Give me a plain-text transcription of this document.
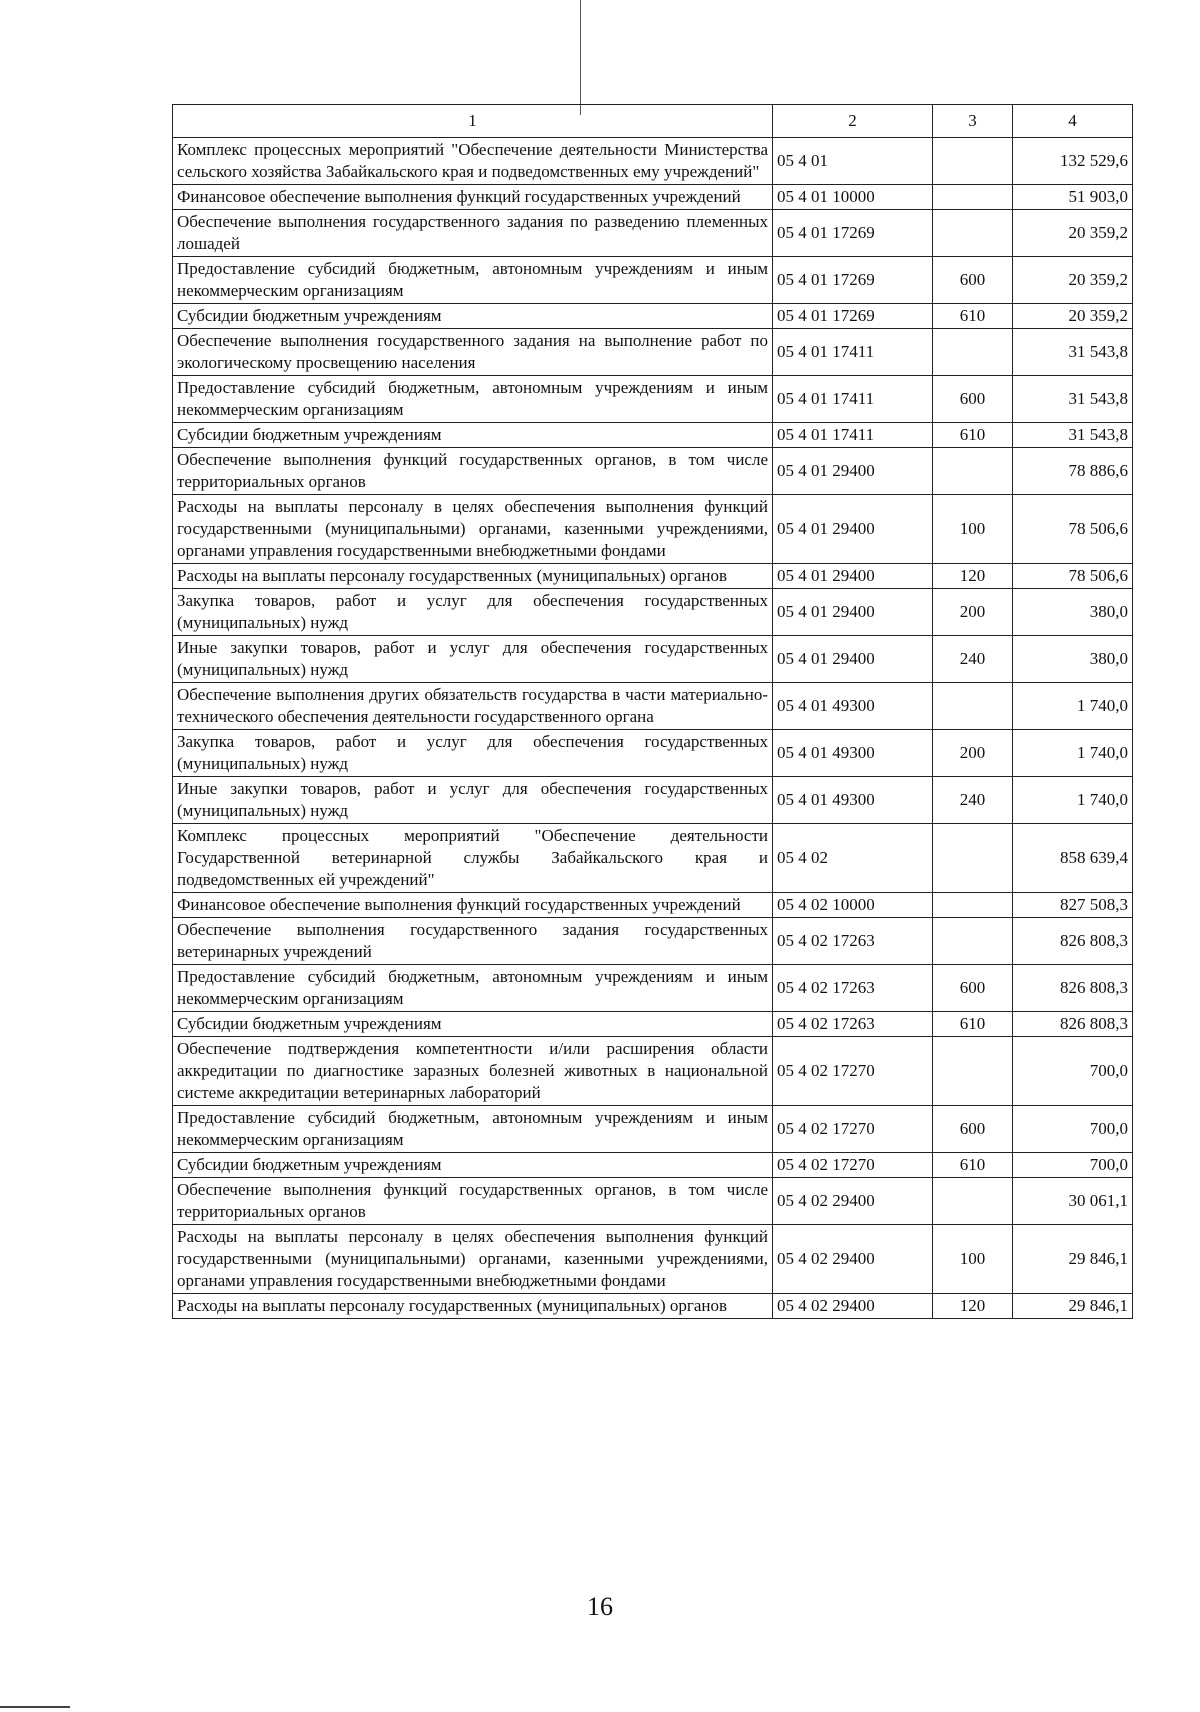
1	2	3	4
Комплекс процессных мероприятий "Обеспечение деятельности Министерства сельского хозяйства Забайкальского края и подведомственных ему учреждений"	05 4 01		132 529,6
Финансовое обеспечение выполнения функций государственных учреждений	05 4 01 10000		51 903,0
Обеспечение выполнения государственного задания по разведению племенных лошадей	05 4 01 17269		20 359,2
Предоставление субсидий бюджетным, автономным учреждениям и иным некоммерческим организациям	05 4 01 17269	600	20 359,2
Субсидии бюджетным учреждениям	05 4 01 17269	610	20 359,2
Обеспечение выполнения государственного задания на выполнение работ по экологическому просвещению населения	05 4 01 17411		31 543,8
Предоставление субсидий бюджетным, автономным учреждениям и иным некоммерческим организациям	05 4 01 17411	600	31 543,8
Субсидии бюджетным учреждениям	05 4 01 17411	610	31 543,8
Обеспечение выполнения функций государственных органов, в том числе территориальных органов	05 4 01 29400		78 886,6
Расходы на выплаты персоналу в целях обеспечения выполнения функций государственными (муниципальными) органами, казенными учреждениями, органами управления государственными внебюджетными фондами	05 4 01 29400	100	78 506,6
Расходы на выплаты персоналу государственных (муниципальных) органов	05 4 01 29400	120	78 506,6
Закупка товаров, работ и услуг для обеспечения государственных (муниципальных) нужд	05 4 01 29400	200	380,0
Иные закупки товаров, работ и услуг для обеспечения государственных (муниципальных) нужд	05 4 01 29400	240	380,0
Обеспечение выполнения других обязательств государства в части материально-технического обеспечения деятельности государственного органа	05 4 01 49300		1 740,0
Закупка товаров, работ и услуг для обеспечения государственных (муниципальных) нужд	05 4 01 49300	200	1 740,0
Иные закупки товаров, работ и услуг для обеспечения государственных (муниципальных) нужд	05 4 01 49300	240	1 740,0
Комплекс процессных мероприятий "Обеспечение деятельности Государственной ветеринарной службы Забайкальского края и подведомственных ей учреждений"	05 4 02		858 639,4
Финансовое обеспечение выполнения функций государственных учреждений	05 4 02 10000		827 508,3
Обеспечение выполнения государственного задания государственных ветеринарных учреждений	05 4 02 17263		826 808,3
Предоставление субсидий бюджетным, автономным учреждениям и иным некоммерческим организациям	05 4 02 17263	600	826 808,3
Субсидии бюджетным учреждениям	05 4 02 17263	610	826 808,3
Обеспечение подтверждения компетентности и/или расширения области аккредитации по диагностике заразных болезней животных в национальной системе аккредитации ветеринарных лабораторий	05 4 02 17270		700,0
Предоставление субсидий бюджетным, автономным учреждениям и иным некоммерческим организациям	05 4 02 17270	600	700,0
Субсидии бюджетным учреждениям	05 4 02 17270	610	700,0
Обеспечение выполнения функций государственных органов, в том числе территориальных органов	05 4 02 29400		30 061,1
Расходы на выплаты персоналу в целях обеспечения выполнения функций государственными (муниципальными) органами, казенными учреждениями, органами управления государственными внебюджетными фондами	05 4 02 29400	100	29 846,1
Расходы на выплаты персоналу государственных (муниципальных) органов	05 4 02 29400	120	29 846,1
16
